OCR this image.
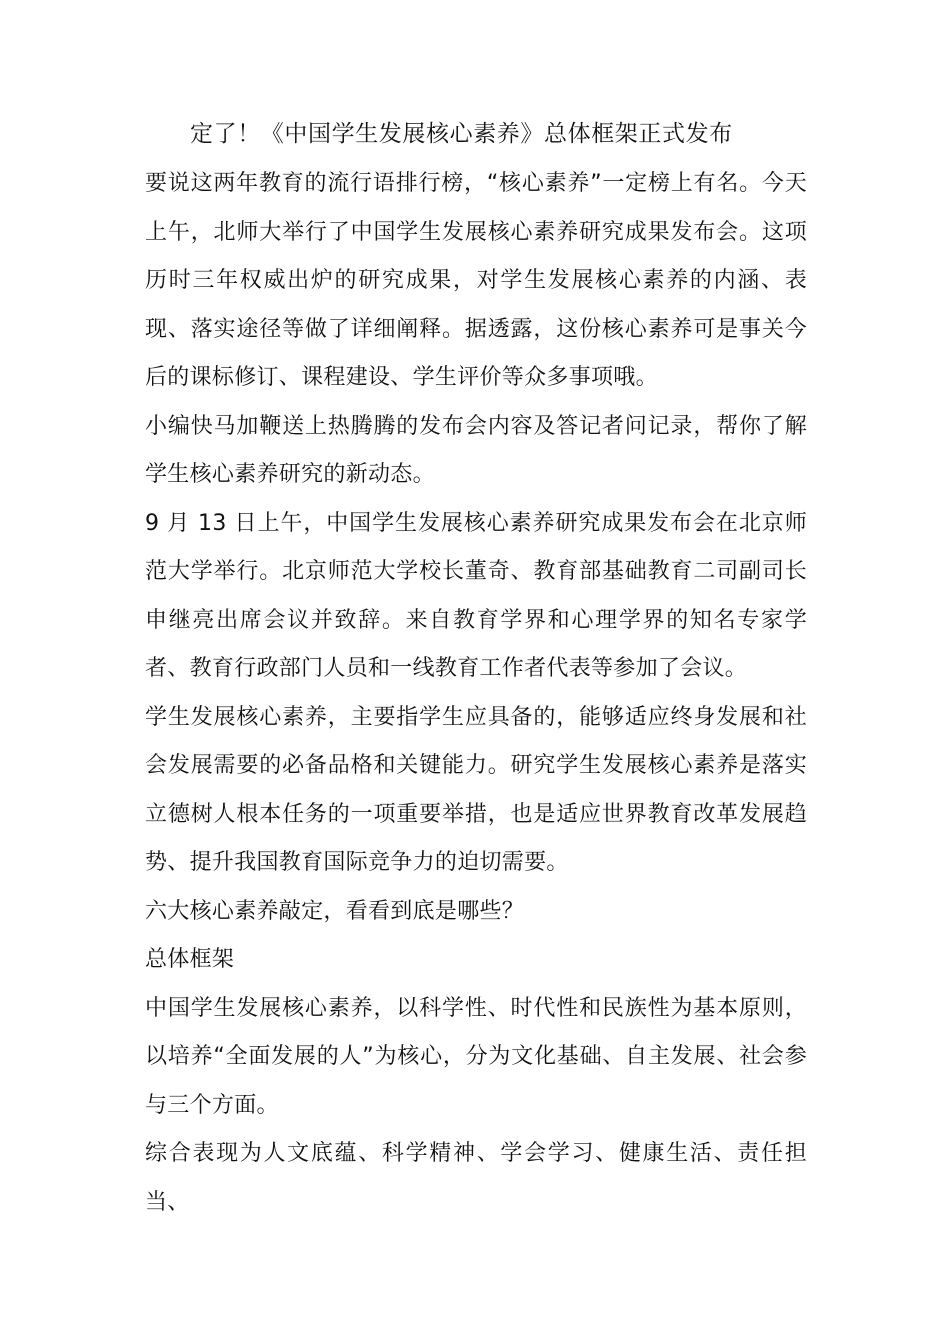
定了！《中国学生发展核心素养》总体框架正式发布

要说这两年教育的流行语排行榜，“核心素养”一定榜上有名。今天上午，北师大举行了中国学生发展核心素养研究成果发布会。这项历时三年权威出炉的研究成果，对学生发展核心素养的内涵、表现、落实途径等做了详细阐释。据透露，这份核心素养可是事关今后的课标修订、课程建设、学生评价等众多事项哦。

小编快马加鞭送上热腾腾的发布会内容及答记者问记录，帮你了解学生核心素养研究的新动态。

9 月 13 日上午，中国学生发展核心素养研究成果发布会在北京师范大学举行。北京师范大学校长董奇、教育部基础教育二司副司长申继亮出席会议并致辞。来自教育学界和心理学界的知名专家学者、教育行政部门人员和一线教育工作者代表等参加了会议。

学生发展核心素养，主要指学生应具备的，能够适应终身发展和社会发展需要的必备品格和关键能力。研究学生发展核心素养是落实立德树人根本任务的一项重要举措，也是适应世界教育改革发展趋势、提升我国教育国际竞争力的迫切需要。

六大核心素养敲定，看看到底是哪些？

总体框架

中国学生发展核心素养，以科学性、时代性和民族性为基本原则，以培养“全面发展的人”为核心，分为文化基础、自主发展、社会参与三个方面。

综合表现为人文底蕴、科学精神、学会学习、健康生活、责任担当、
